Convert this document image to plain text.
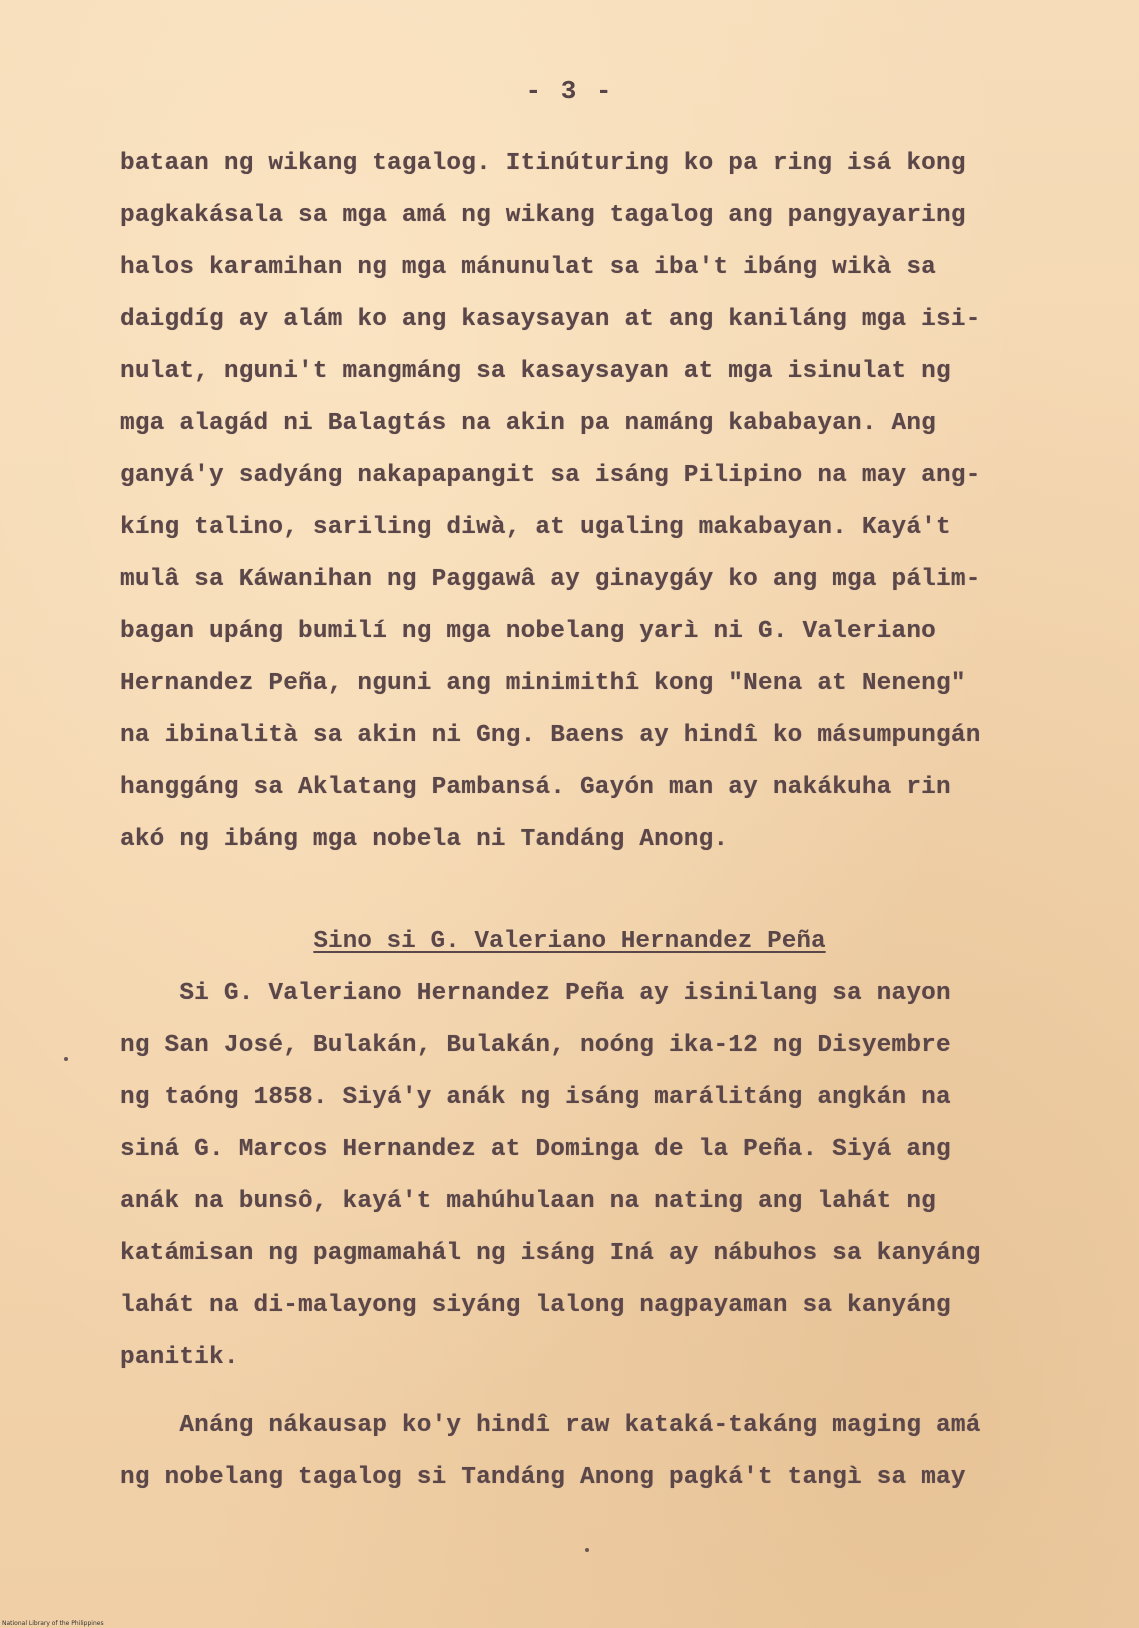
- 3 -
bataan ng wikang tagalog. Itinúturing ko pa ring isá kong
pagkakásala sa mga amá ng wikang tagalog ang pangyayaring
halos karamihan ng mga mánunulat sa iba't ibáng wikà sa
daigdíg ay alám ko ang kasaysayan at ang kaniláng mga isi-
nulat, nguni't mangmáng sa kasaysayan at mga isinulat ng
mga alagád ni Balagtás na akin pa namáng kababayan. Ang
ganyá'y sadyáng nakapapangit sa isáng Pilipino na may ang-
kíng talino, sariling diwà, at ugaling makabayan. Kayá't
mulâ sa Káwanihan ng Paggawâ ay ginaygáy ko ang mga pálim-
bagan upáng bumilí ng mga nobelang yarì ni G. Valeriano
Hernandez Peña, nguni ang minimithî kong "Nena at Neneng"
na ibinalità sa akin ni Gng. Baens ay hindî ko másumpungán
hanggáng sa Aklatang Pambansá. Gayón man ay nakákuha rin
akó ng ibáng mga nobela ni Tandáng Anong.
Sino si G. Valeriano Hernandez Peña
Si G. Valeriano Hernandez Peña ay isinilang sa nayon
ng San José, Bulakán, Bulakán, noóng ika-12 ng Disyembre
ng taóng 1858. Siyá'y anák ng isáng marálitáng angkán na
siná G. Marcos Hernandez at Dominga de la Peña. Siyá ang
anák na bunsô, kayá't mahúhulaan na nating ang lahát ng
katámisan ng pagmamahál ng isáng Iná ay nábuhos sa kanyáng
lahát na di-malayong siyáng lalong nagpayaman sa kanyáng
panitik.
Anáng nákausap ko'y hindî raw kataká-takáng maging amá
ng nobelang tagalog si Tandáng Anong pagká't tangì sa may
National Library of the Philippines
